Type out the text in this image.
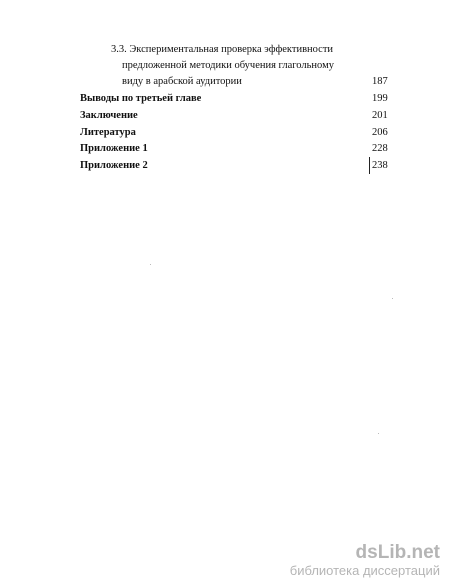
3.3. Экспериментальная проверка эффективности
предложенной методики обучения глагольному
виду в арабской аудитории	187
Выводы по третьей главе	199
Заключение	201
Литература	206
Приложение 1	228
Приложение 2	238
dsLib.net
библиотека диссертаций
